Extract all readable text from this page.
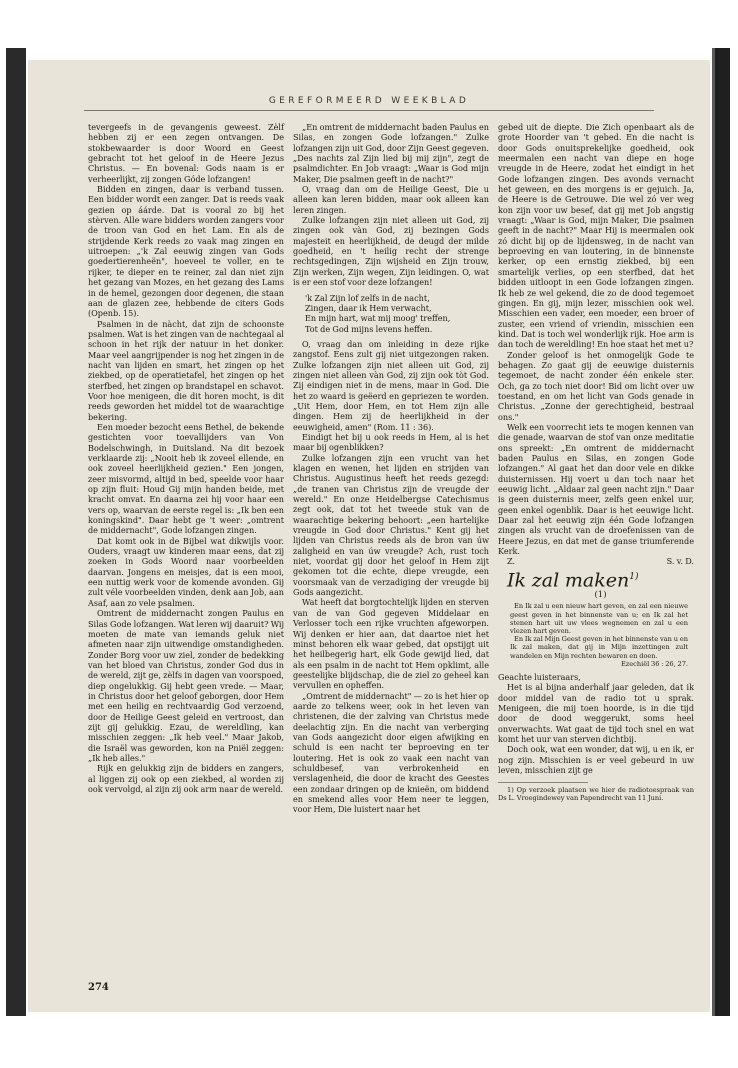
GEREFORMEERD WEEKBLAD

tevergeefs in de gevangenis geweest. Zèlf hebben zij er een zegen ontvangen. De stokbewaarder is door Woord en Geest gebracht tot het geloof in de Heere Jezus Christus. — En bovenal: Gods naam is er verheerlijkt, zij zongen Góde lofzangen!

Bidden en zingen, daar is verband tussen. Een bidder wordt een zanger. Dat is reeds vaak gezien op áárde. Dat is vooral zo bij het stèrven. Alle ware bidders worden zangers voor de troon van God en het Lam. En als de strijdende Kerk reeds zo vaak mag zingen en uitroepen: „'k Zal eeuwig zingen van Gods goedertierenheën", hoeveel te voller, en te rijker, te dieper en te reiner, zal dan niet zijn het gezang van Mozes, en het gezang des Lams in de hemel, gezongen door degenen, die staan aan de glazen zee, hebbende de citers Gods (Openb. 15).

Psalmen in de nàcht, dat zijn de schoonste psalmen. Wat is het zingen van de nachtegaal al schoon in het rijk der natuur in het donker. Maar veel aangrijpender is nog het zingen in de nacht van lijden en smart, het zingen op het ziekbed, op de operatietafel, het zingen op het sterfbed, het zingen op brandstapel en schavot. Voor hoe menigeen, die dit horen mocht, is dit reeds geworden het middel tot de waarachtige bekering.

Een moeder bezocht eens Bethel, de bekende gestichten voor toevallijders van Von Bodelschwingh, in Duitsland. Na dit bezoek verklaarde zij: „Nooit heb ik zoveel ellende, en ook zoveel heerlijkheid gezien." Een jongen, zeer misvormd, altijd in bed, speelde voor haar op zijn fluit: Houd Gij mijn handen beide, met kracht omvat. En daarna zei hij voor haar een vers op, waarvan de eerste regel is: „Ik ben een koningskind". Daar hebt ge 't weer: „omtrent de middernacht", Gode lofzangen zingen.

Dat komt ook in de Bijbel wat dikwijls voor. Ouders, vraagt uw kinderen maar eens, dat zij zoeken in Gods Woord naar voorbeelden daarvan. Jongens en meisjes, dat is een mooi, een nuttig werk voor de komende avonden. Gij zult véle voorbeelden vinden, denk aan Job, aan Asaf, aan zo vele psalmen.

Omtrent de middernacht zongen Paulus en Silas Gode lofzangen. Wat leren wij daaruit? Wij moeten de mate van iemands geluk niet afmeten naar zijn uitwendige omstandigheden. Zonder Borg voor uw ziel, zonder de bedekking van het bloed van Christus, zonder God dus in de wereld, zijt ge, zèlfs in dagen van voorspoed, diep ongelukkig. Gij hebt geen vrede. — Maar, in Christus door het geloof geborgen, door Hem met een heilig en rechtvaardig God verzoend, door de Heilige Geest geleid en vertroost, dan zijt gij gelukkig. Ezau, de wereldling, kan misschien zeggen: „Ik heb veel." Maar Jakob, die Israël was geworden, kon na Pniël zeggen: „Ik heb alles."

Rijk en gelukkig zijn de bidders en zangers, al liggen zij ook op een ziekbed, al worden zij ook vervolgd, al zijn zij ook arm naar de wereld.

„En omtrent de middernacht baden Paulus en Silas, en zongen Gode lofzangen." Zulke lofzangen zijn uit God, door Zijn Geest gegeven. „Des nachts zal Zijn lied bij mij zijn", zegt de psalmdichter. En Job vraagt: „Waar is God mijn Maker, Die psalmen geeft in de nacht?"

O, vraag dan om de Heilige Geest, Die u alleen kan leren bidden, maar ook alleen kan leren zingen.

Zulke lofzangen zijn niet alleen uit God, zij zingen ook vàn God, zij bezingen Gods majesteit en heerlijkheid, de deugd der milde goedheid, en 't heilig recht der strenge rechtsgedingen, Zijn wijsheid en Zijn trouw, Zijn werken, Zijn wegen, Zijn leidingen. O, wat is er een stof voor deze lofzangen!

'k Zal Zijn lof zelfs in de nacht,
Zingen, daar ik Hem verwacht,
En mijn hart, wat mij moog' treffen,
Tot de God mijns levens heffen.

O, vraag dan om inleiding in deze rijke zangstof. Eens zult gij niet uitgezongen raken. Zulke lofzangen zijn niet alleen uit God, zij zingen niet alleen vàn God, zij zijn ook tòt God. Zij eindigen niet in de mens, maar in God. Die het zo waard is geëerd en gepriezen te worden. „Uit Hem, door Hem, en tot Hem zijn alle dingen. Hem zij de heerlijkheid in der eeuwigheid, amen" (Rom. 11 : 36).

Eindigt het bij u ook reeds in Hem, al is het maar bij ogenblikken?

Zulke lofzangen zijn een vrucht van het klagen en wenen, het lijden en strijden van Christus. Augustinus heeft het reeds gezegd: „de tranen van Christus zijn de vreugde der wereld." En onze Heidelbergse Catechismus zegt ook, dat tot het tweede stuk van de waarachtige bekering behoort: „een hartelijke vreugde in God door Christus." Kent gij het lijden van Christus reeds als de bron van úw zaligheid en van úw vreugde? Ach, rust toch niet, voordat gij door het geloof in Hem zijt gekomen tot die echte, diepe vreugde, een voorsmaak van de verzadiging der vreugde bij Gods aangezicht.

Wat heeft dat borgtochtelijk lijden en sterven van de van God gegeven Middelaar en Verlosser toch een rijke vruchten afgeworpen. Wij denken er hier aan, dat daartoe niet het minst behoren elk waar gebed, dat opstijgt uit het heilbegerig hart, elk Gode gewijd lied, dat als een psalm in de nacht tot Hem opklimt, alle geestelijke blijdschap, die de ziel zo geheel kan vervullen en opheffen.

„Omtrent de middernacht" — zo is het hier op aarde zo telkens weer, ook in het leven van christenen, die der zalving van Christus mede deelachtig zijn. En die nacht van verberging van Gods aangezicht door eigen afwijking en schuld is een nacht ter beproeving en ter loutering. Het is ook zo vaak een nacht van schuldbesef, van verbrokenheid en verslagenheid, die door de kracht des Geestes een zondaar dringen op de knieën, om biddend en smekend alles voor Hem neer te leggen, voor Hem, Die luistert naar het

gebed uit de diepte. Die Zich openbaart als de grote Hoorder van 't gebed. En die nacht is door Gods onuitsprekelijke goedheid, ook meermalen een nacht van diepe en hoge vreugde in de Heere, zodat het eindigt in het Gode lofzangen zingen. Des avonds vernacht het geween, en des morgens is er gejuich. Ja, de Heere is de Getrouwe. Die wel zó ver weg kon zijn voor uw besef, dat gij met Job angstig vraagt: „Waar is God, mijn Maker, Die psalmen geeft in de nacht?" Maar Hij is meermalen ook zó dicht bij op de lijdensweg, in de nacht van beproeving en van loutering, in de binnenste kerker, op een ernstig ziekbed, bij een smartelijk verlies, op een sterfbed, dat het bidden uitloopt in een Gode lofzangen zingen. Ik heb ze wel gekend, die zo de dood tegemoet gingen. En gij, mijn lezer, misschien ook wel. Misschien een vader, een moeder, een broer of zuster, een vriend of vriendin, misschien een kind. Dat is toch wel wonderlijk rijk. Hoe arm is dan toch de wereldling! En hoe staat het met u?

Zonder geloof is het onmogelijk Gode te behagen. Zo gaat gij de eeuwige duisternis tegemoet, de nacht zonder één enkele ster. Och, ga zo toch niet door! Bid om licht over uw toestand, en om het licht van Gods genade in Christus. „Zonne der gerechtigheid, bestraal ons."

Welk een voorrecht iets te mogen kennen van die genade, waarvan de stof van onze meditatie ons spreekt: „En omtrent de middernacht baden Paulus en Silas, en zongen Gode lofzangen." Al gaat het dan door vele en dikke duisternissen. Hij voert u dan toch naar het eeuwig licht. „Aldaar zal geen nacht zijn." Daar is geen duisternis meer, zelfs geen enkel uur, geen enkel ogenblik. Daar is het eeuwige licht. Daar zal het eeuwig zijn één Gode lofzangen zingen als vrucht van de droefenissen van de Heere Jezus, en dat met de ganse triumferende Kerk.

Z.	S. v. D.

Ik zal maken$^{1)}$

(1)

En Ik zal u een nieuw hart geven, en zal een nieuwe geest geven in het binnenste van u; en Ik zal het stenen hart uit uw vlees wegnemen en zal u een vlezen hart geven.

En Ik zal Mijn Geest geven in het binnenste van u en Ik zal maken, dat gij in Mijn inzettingen zult wandelen en Mijn rechten bewaren en doen.

Ezechiël 36 : 26, 27.

Geachte luisteraars,

Het is al bijna anderhalf jaar geleden, dat ik door middel van de radio tot u sprak. Menigeen, die mij toen hoorde, is in die tijd door de dood weggerukt, soms heel onverwachts. Wat gaat de tijd toch snel en wat komt het uur van sterven dichtbij.

Doch ook, wat een wonder, dat wij, u en ik, er nog zijn. Misschien is er veel gebeurd in uw leven, misschien zijt ge

1) Op verzoek plaatsen we hier de radiotoespraak van Ds L. Vroegindewey van Papendrecht van 11 Juni.

274
